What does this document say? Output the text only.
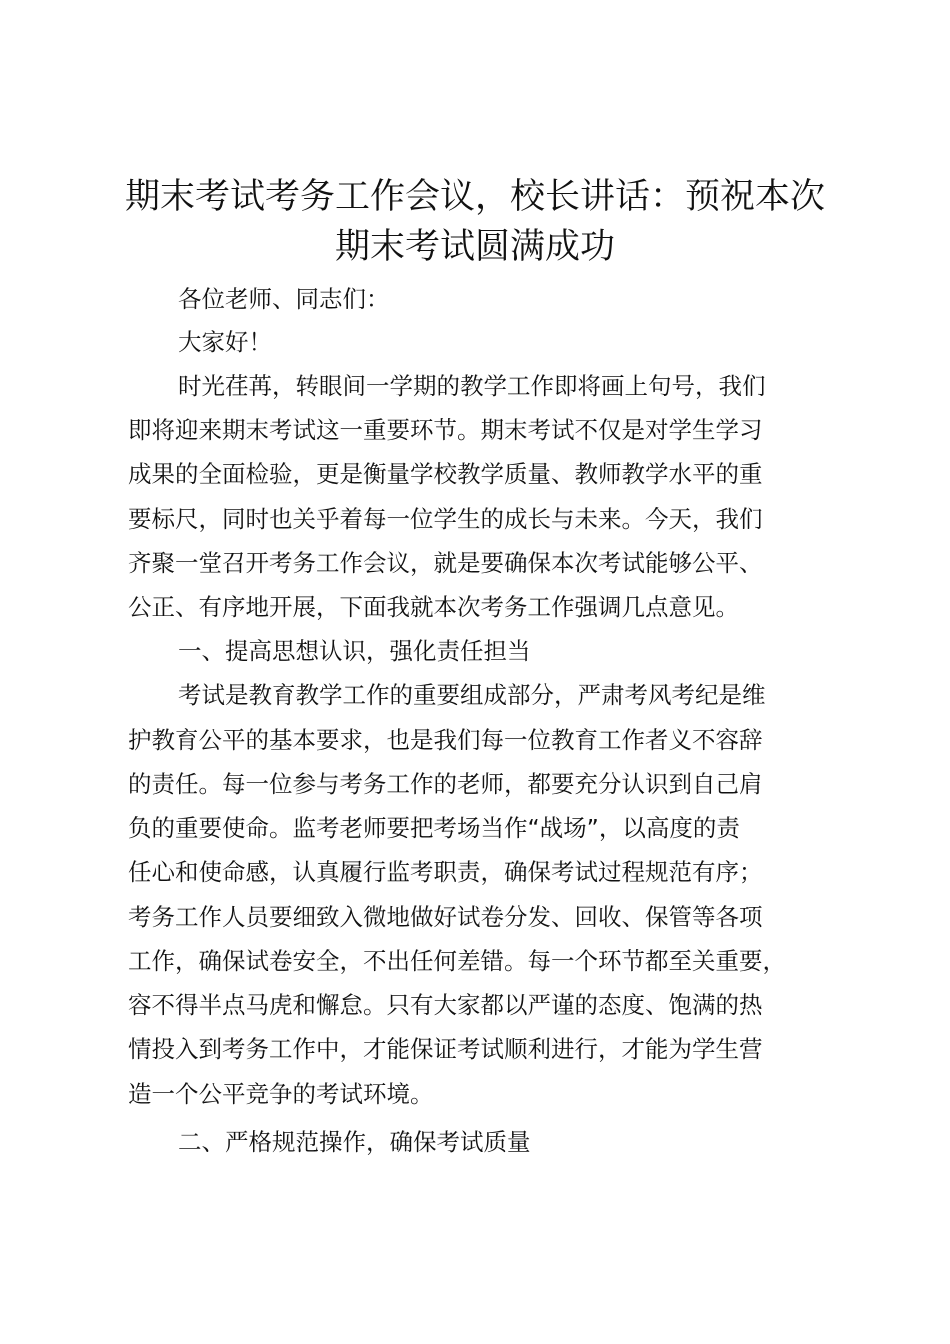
期末考试考务工作会议，校长讲话：预祝本次
期末考试圆满成功
各位老师、同志们：
大家好！
时光荏苒，转眼间一学期的教学工作即将画上句号，我们
即将迎来期末考试这一重要环节。期末考试不仅是对学生学习
成果的全面检验，更是衡量学校教学质量、教师教学水平的重
要标尺，同时也关乎着每一位学生的成长与未来。今天，我们
齐聚一堂召开考务工作会议，就是要确保本次考试能够公平、
公正、有序地开展，下面我就本次考务工作强调几点意见。
一、提高思想认识，强化责任担当
考试是教育教学工作的重要组成部分，严肃考风考纪是维
护教育公平的基本要求，也是我们每一位教育工作者义不容辞
的责任。每一位参与考务工作的老师，都要充分认识到自己肩
负的重要使命。监考老师要把考场当作“战场”，以高度的责
任心和使命感，认真履行监考职责，确保考试过程规范有序；
考务工作人员要细致入微地做好试卷分发、回收、保管等各项
工作，确保试卷安全，不出任何差错。每一个环节都至关重要，
容不得半点马虎和懈怠。只有大家都以严谨的态度、饱满的热
情投入到考务工作中，才能保证考试顺利进行，才能为学生营
造一个公平竞争的考试环境。
二、严格规范操作，确保考试质量
